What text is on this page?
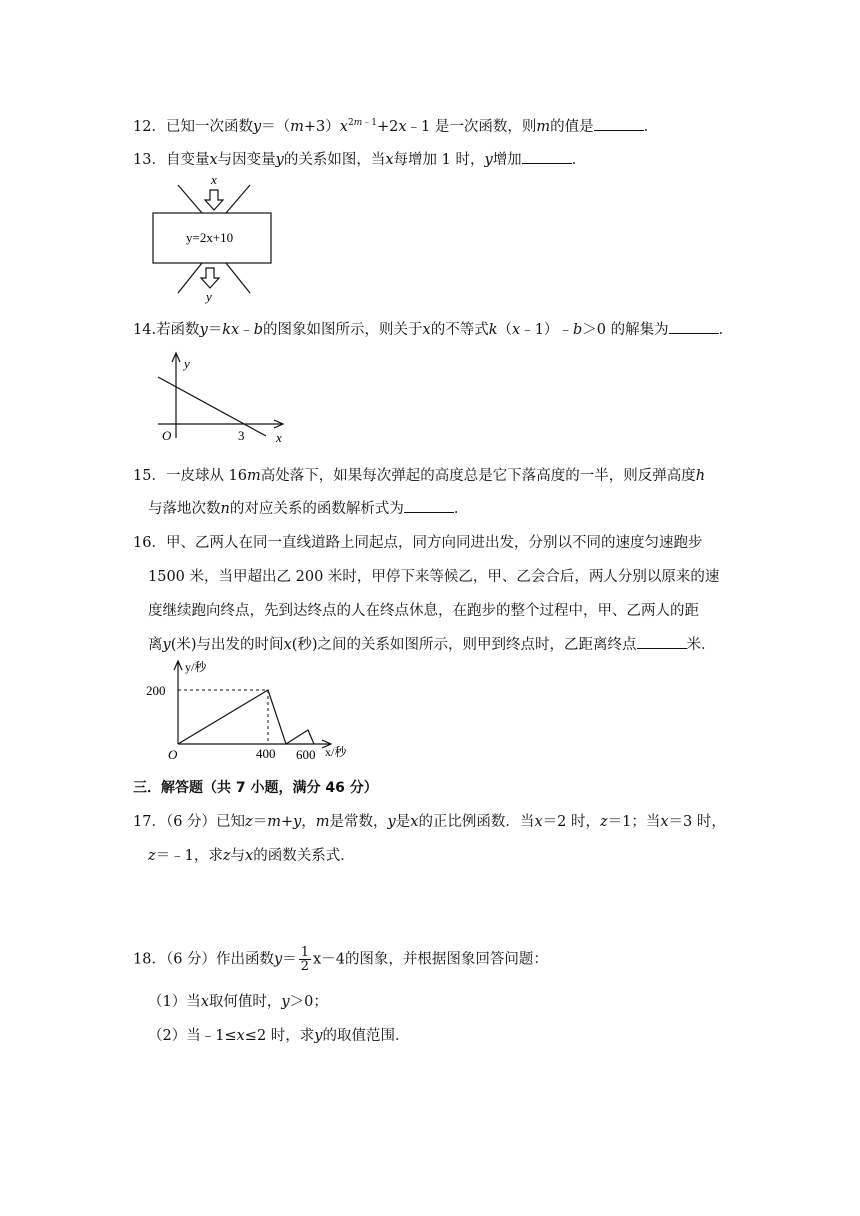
12．已知一次函数$y=(m+3)x^{2m﹣1}+2x﹣1$ 是一次函数，则m的值是	．
13．自变量x与因变量y的关系如图，当x每增加 1 时，y增加	．
x
y=2x+10
y
14.若函数y＝kx﹣b的图象如图所示，则关于x的不等式k（x﹣1）﹣b＞0 的解集为	．
y
O	3 x
15．一皮球从 16m高处落下，如果每次弹起的高度总是它下落高度的一半，则反弹高度h
与落地次数n的对应关系的函数解析式为	．
16．甲、乙两人在同一直线道路上同起点，同方向同进出发，分别以不同的速度匀速跑步
1500 米，当甲超出乙 200 米时，甲停下来等候乙，甲、乙会合后，两人分别以原来的速
度继续跑向终点，先到达终点的人在终点休息，在跑步的整个过程中，甲、乙两人的距
离y(米)与出发的时间x(秒)之间的关系如图所示，则甲到终点时，乙距离终点	米．
y/秒
200
O	400 600 x/秒
三．解答题（共 7 小题，满分 46 分）
17．（6 分）已知z＝m+y，m是常数，y是x的正比例函数．当x＝2 时，z＝1；当x＝3 时，
z＝﹣1，求z与x的函数关系式．
18．（6 分）作出函数$y= \frac{1}{2} x-4$的图象，并根据图象回答问题：
（1）当x取何值时，y＞0；
（2）当﹣1≤x≤2 时，求y的取值范围．
